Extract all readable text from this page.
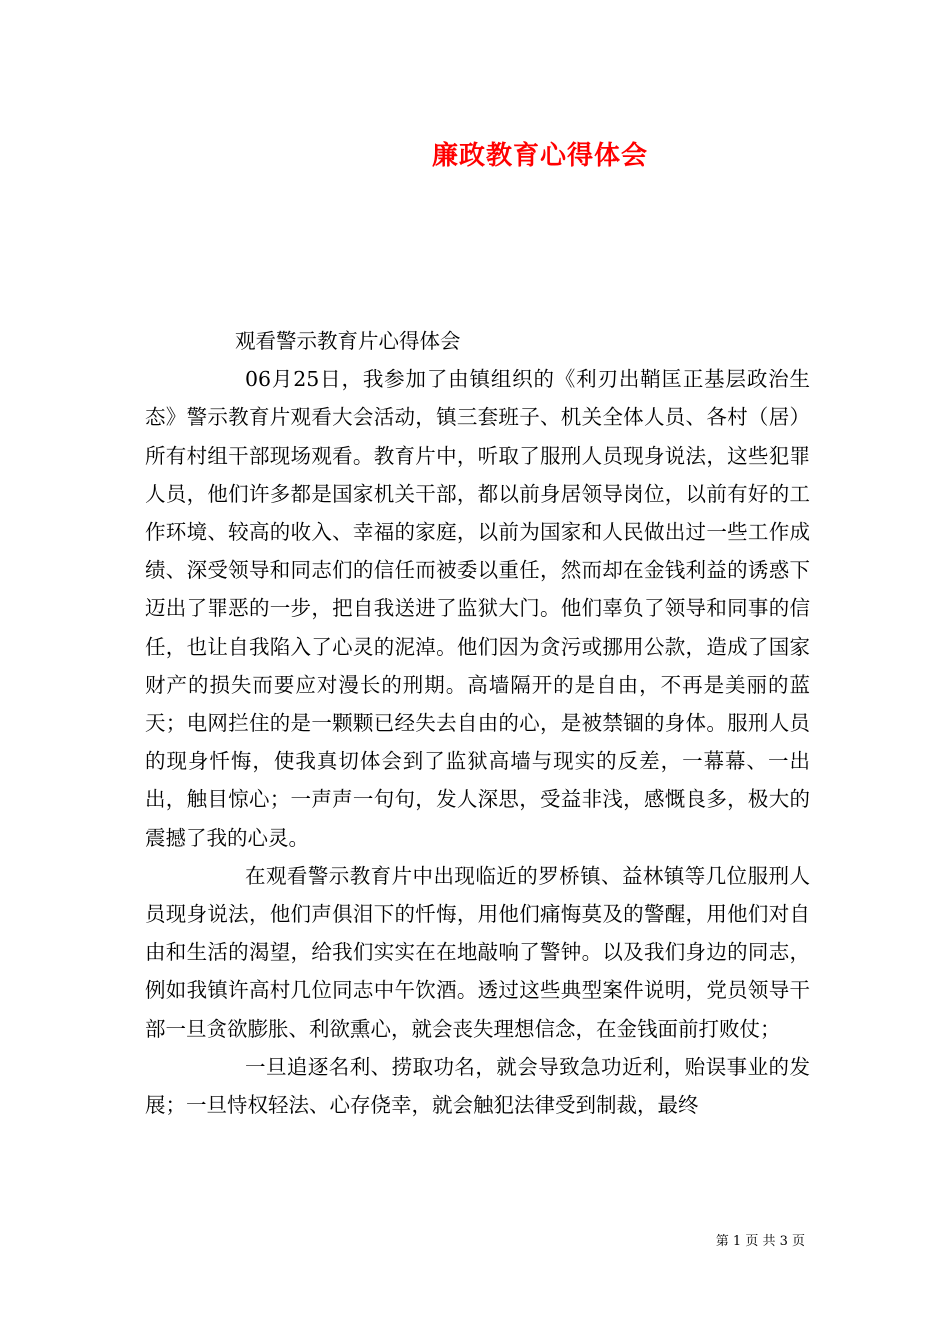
廉政教育心得体会

观看警示教育片心得体会

06月25日，我参加了由镇组织的《利刃出鞘匡正基层政治生态》警示教育片观看大会活动，镇三套班子、机关全体人员、各村（居）所有村组干部现场观看。教育片中，听取了服刑人员现身说法，这些犯罪人员，他们许多都是国家机关干部，都以前身居领导岗位，以前有好的工作环境、较高的收入、幸福的家庭，以前为国家和人民做出过一些工作成绩、深受领导和同志们的信任而被委以重任，然而却在金钱利益的诱惑下迈出了罪恶的一步，把自我送进了监狱大门。他们辜负了领导和同事的信任，也让自我陷入了心灵的泥淖。他们因为贪污或挪用公款，造成了国家财产的损失而要应对漫长的刑期。高墙隔开的是自由，不再是美丽的蓝天；电网拦住的是一颗颗已经失去自由的心，是被禁锢的身体。服刑人员的现身忏悔，使我真切体会到了监狱高墙与现实的反差，一幕幕、一出出，触目惊心；一声声一句句，发人深思，受益非浅，感慨良多，极大的震撼了我的心灵。

在观看警示教育片中出现临近的罗桥镇、益林镇等几位服刑人员现身说法，他们声俱泪下的忏悔，用他们痛悔莫及的警醒，用他们对自由和生活的渴望，给我们实实在在地敲响了警钟。以及我们身边的同志，例如我镇许高村几位同志中午饮酒。透过这些典型案件说明，党员领导干部一旦贪欲膨胀、利欲熏心，就会丧失理想信念，在金钱面前打败仗；

一旦追逐名利、捞取功名，就会导致急功近利，贻误事业的发展；一旦恃权轻法、心存侥幸，就会触犯法律受到制裁，最终

第 1 页 共 3 页
